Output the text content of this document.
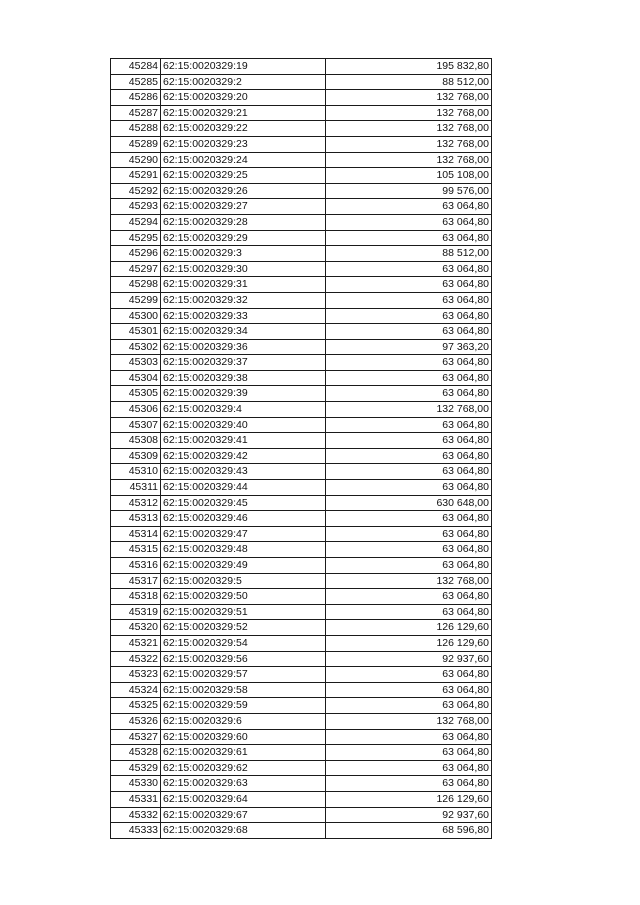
45284	62:15:0020329:19	195 832,80
45285	62:15:0020329:2	88 512,00
45286	62:15:0020329:20	132 768,00
45287	62:15:0020329:21	132 768,00
45288	62:15:0020329:22	132 768,00
45289	62:15:0020329:23	132 768,00
45290	62:15:0020329:24	132 768,00
45291	62:15:0020329:25	105 108,00
45292	62:15:0020329:26	99 576,00
45293	62:15:0020329:27	63 064,80
45294	62:15:0020329:28	63 064,80
45295	62:15:0020329:29	63 064,80
45296	62:15:0020329:3	88 512,00
45297	62:15:0020329:30	63 064,80
45298	62:15:0020329:31	63 064,80
45299	62:15:0020329:32	63 064,80
45300	62:15:0020329:33	63 064,80
45301	62:15:0020329:34	63 064,80
45302	62:15:0020329:36	97 363,20
45303	62:15:0020329:37	63 064,80
45304	62:15:0020329:38	63 064,80
45305	62:15:0020329:39	63 064,80
45306	62:15:0020329:4	132 768,00
45307	62:15:0020329:40	63 064,80
45308	62:15:0020329:41	63 064,80
45309	62:15:0020329:42	63 064,80
45310	62:15:0020329:43	63 064,80
45311	62:15:0020329:44	63 064,80
45312	62:15:0020329:45	630 648,00
45313	62:15:0020329:46	63 064,80
45314	62:15:0020329:47	63 064,80
45315	62:15:0020329:48	63 064,80
45316	62:15:0020329:49	63 064,80
45317	62:15:0020329:5	132 768,00
45318	62:15:0020329:50	63 064,80
45319	62:15:0020329:51	63 064,80
45320	62:15:0020329:52	126 129,60
45321	62:15:0020329:54	126 129,60
45322	62:15:0020329:56	92 937,60
45323	62:15:0020329:57	63 064,80
45324	62:15:0020329:58	63 064,80
45325	62:15:0020329:59	63 064,80
45326	62:15:0020329:6	132 768,00
45327	62:15:0020329:60	63 064,80
45328	62:15:0020329:61	63 064,80
45329	62:15:0020329:62	63 064,80
45330	62:15:0020329:63	63 064,80
45331	62:15:0020329:64	126 129,60
45332	62:15:0020329:67	92 937,60
45333	62:15:0020329:68	68 596,80
